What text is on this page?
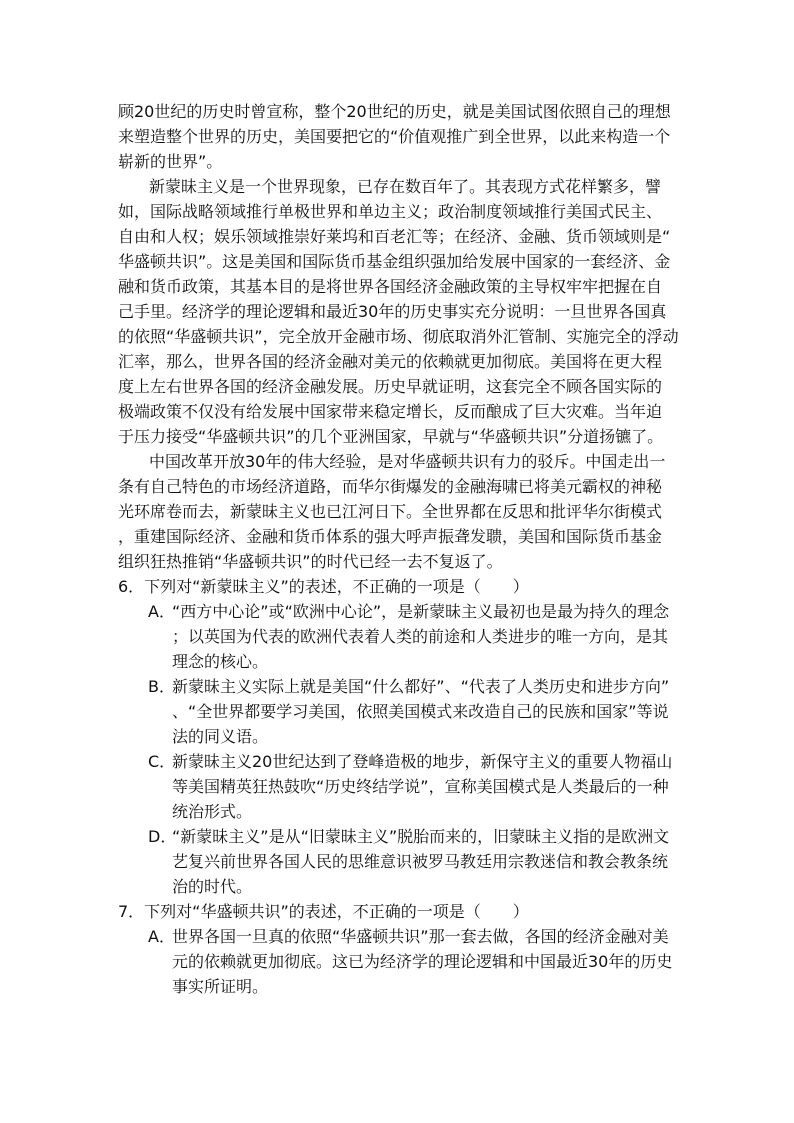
顾20世纪的历史时曾宣称，整个20世纪的历史，就是美国试图依照自己的理想
来塑造整个世界的历史，美国要把它的“价值观推广到全世界，以此来构造一个
崭新的世界”。
新蒙昧主义是一个世界现象，已存在数百年了。其表现方式花样繁多，譬
如，国际战略领域推行单极世界和单边主义；政治制度领域推行美国式民主、
自由和人权；娱乐领域推崇好莱坞和百老汇等；在经济、金融、货币领域则是“
华盛顿共识”。这是美国和国际货币基金组织强加给发展中国家的一套经济、金
融和货币政策，其基本目的是将世界各国经济金融政策的主导权牢牢把握在自
己手里。经济学的理论逻辑和最近30年的历史事实充分说明：一旦世界各国真
的依照“华盛顿共识”，完全放开金融市场、彻底取消外汇管制、实施完全的浮动
汇率，那么，世界各国的经济金融对美元的依赖就更加彻底。美国将在更大程
度上左右世界各国的经济金融发展。历史早就证明，这套完全不顾各国实际的
极端政策不仅没有给发展中国家带来稳定增长，反而酿成了巨大灾难。当年迫
于压力接受“华盛顿共识”的几个亚洲国家，早就与“华盛顿共识”分道扬镳了。
中国改革开放30年的伟大经验，是对华盛顿共识有力的驳斥。中国走出一
条有自己特色的市场经济道路，而华尔街爆发的金融海啸已将美元霸权的神秘
光环席卷而去，新蒙昧主义也已江河日下。全世界都在反思和批评华尔街模式
，重建国际经济、金融和货币体系的强大呼声振聋发聩，美国和国际货币基金
组织狂热推销“华盛顿共识”的时代已经一去不复返了。
6．下列对“新蒙昧主义”的表述，不正确的一项是（　　）
A．
“西方中心论”或“欧洲中心论”，是新蒙昧主义最初也是最为持久的理念
；以英国为代表的欧洲代表着人类的前途和人类进步的唯一方向，是其
理念的核心。
B．
新蒙昧主义实际上就是美国“什么都好”、“代表了人类历史和进步方向”
、“全世界都要学习美国，依照美国模式来改造自己的民族和国家”等说
法的同义语。
C．
新蒙昧主义20世纪达到了登峰造极的地步，新保守主义的重要人物福山
等美国精英狂热鼓吹“历史终结学说”，宣称美国模式是人类最后的一种
统治形式。
D．
“新蒙昧主义”是从“旧蒙昧主义”脱胎而来的，旧蒙昧主义指的是欧洲文
艺复兴前世界各国人民的思维意识被罗马教廷用宗教迷信和教会教条统
治的时代。
7．下列对“华盛顿共识”的表述，不正确的一项是（　　）
A．
世界各国一旦真的依照“华盛顿共识”那一套去做，各国的经济金融对美
元的依赖就更加彻底。这已为经济学的理论逻辑和中国最近30年的历史
事实所证明。
